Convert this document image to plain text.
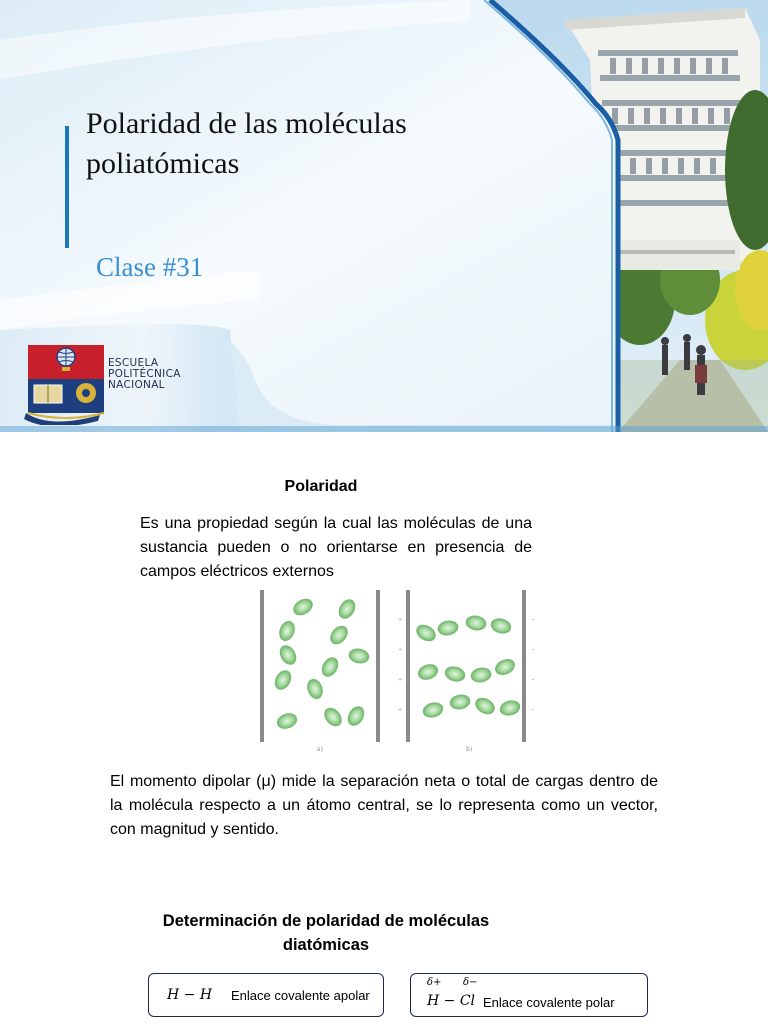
Polaridad de las moléculas poliatómicas
Clase #31
ESCUELA
POLITÉCNICA
NACIONAL
Polaridad

Es una propiedad según la cual las moléculas de una sustancia pueden o no orientarse en presencia de campos eléctricos externos

+
+
+
+
−
−
−
−
a)	b)

El momento dipolar (μ) mide la separación neta o total de cargas dentro de la molécula respecto a un átomo central, se lo representa como un vector, con magnitud y sentido.

Determinación de polaridad de moléculas diatómicas
H − H Enlace covalente apolar
δ+ δ−
H − Cl Enlace covalente polar
